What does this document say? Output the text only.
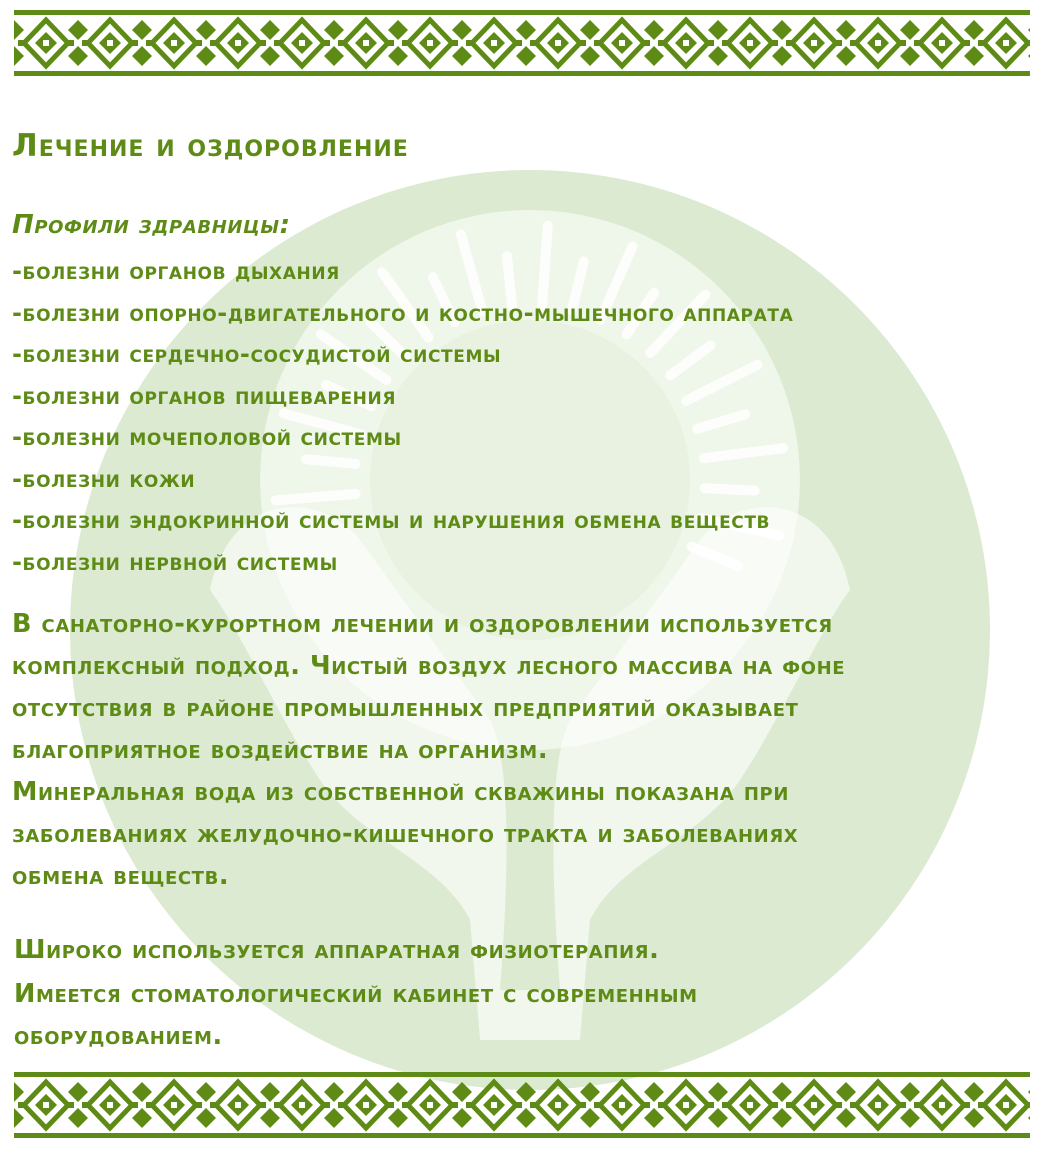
Лечение и оздоровление
Профили здравницы:
-болезни органов дыхания
-болезни опорно-двигательного и костно-мышечного аппарата
-болезни сердечно-сосудистой системы
-болезни органов пищеварения
-болезни мочеполовой системы
-болезни кожи
-болезни эндокринной системы и нарушения обмена веществ
-болезни нервной системы
В санаторно-курортном лечении и оздоровлении используется
комплексный подход. Чистый воздух лесного массива на фоне
отсутствия в районе промышленных предприятий оказывает
благоприятное воздействие на организм.
Минеральная вода из собственной скважины показана при
заболеваниях желудочно-кишечного тракта и заболеваниях
обмена веществ.
Широко используется аппаратная физиотерапия.
Имеется стоматологический кабинет с современным
оборудованием.
